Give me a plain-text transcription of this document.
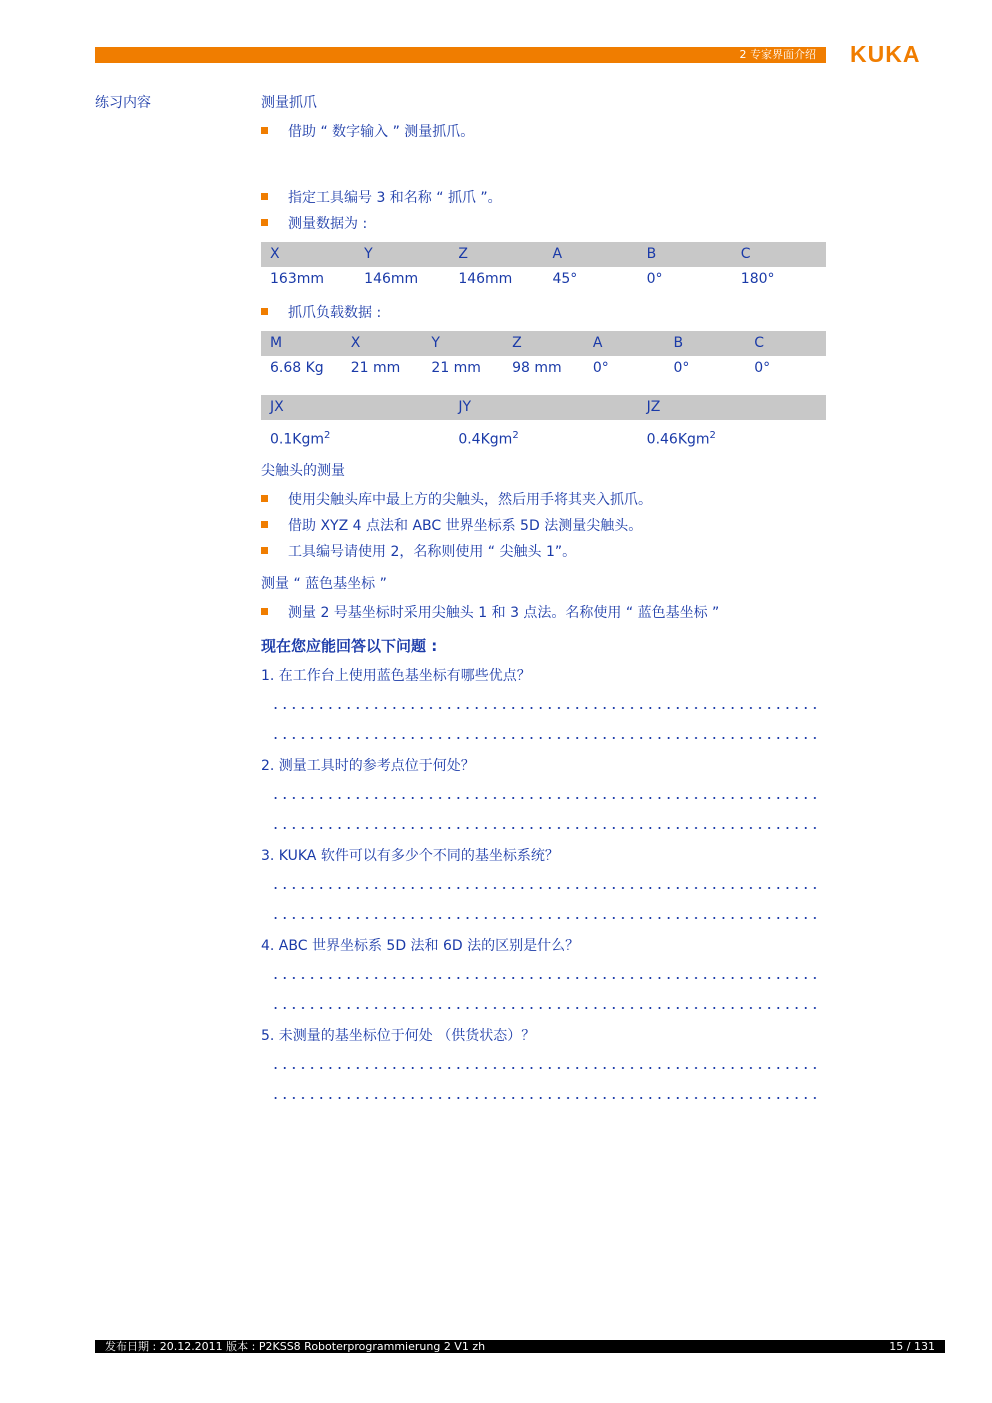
2 专家界面介绍 KUKA
练习内容	测量抓爪
借助 “ 数字输入 ” 测量抓爪。
指定工具编号 3 和名称 “ 抓爪 ”。
测量数据为 :
X	Y	Z	A	B	C
163mm	146mm	146mm	45°	0°	180°
抓爪负载数据 :
M	X	Y	Z	A	B	C
6.68 Kg	21 mm	21 mm	98 mm	0°	0°	0°
JX	JY	JZ
0.1Kgm$^2$	0.4Kgm$^2$	0.46Kgm$^2$
尖触头的测量
使用尖触头库中最上方的尖触头，然后用手将其夹入抓爪。
借助 XYZ 4 点法和 ABC 世界坐标系 5D 法测量尖触头。
工具编号请使用 2，名称则使用 “ 尖触头 1”。
测量 “ 蓝色基坐标 ”
测量 2 号基坐标时采用尖触头 1 和 3 点法。名称使用 “ 蓝色基坐标 ”
现在您应能回答以下问题 :
1. 在工作台上使用蓝色基坐标有哪些优点？
2. 测量工具时的参考点位于何处？
3. KUKA 软件可以有多少个不同的基坐标系统？
4. ABC 世界坐标系 5D 法和 6D 法的区别是什么？
5. 未测量的基坐标位于何处 （供货状态）？
发布日期 : 20.12.2011 版本 : P2KSS8 Roboterprogrammierung 2 V1 zh	15 / 131
